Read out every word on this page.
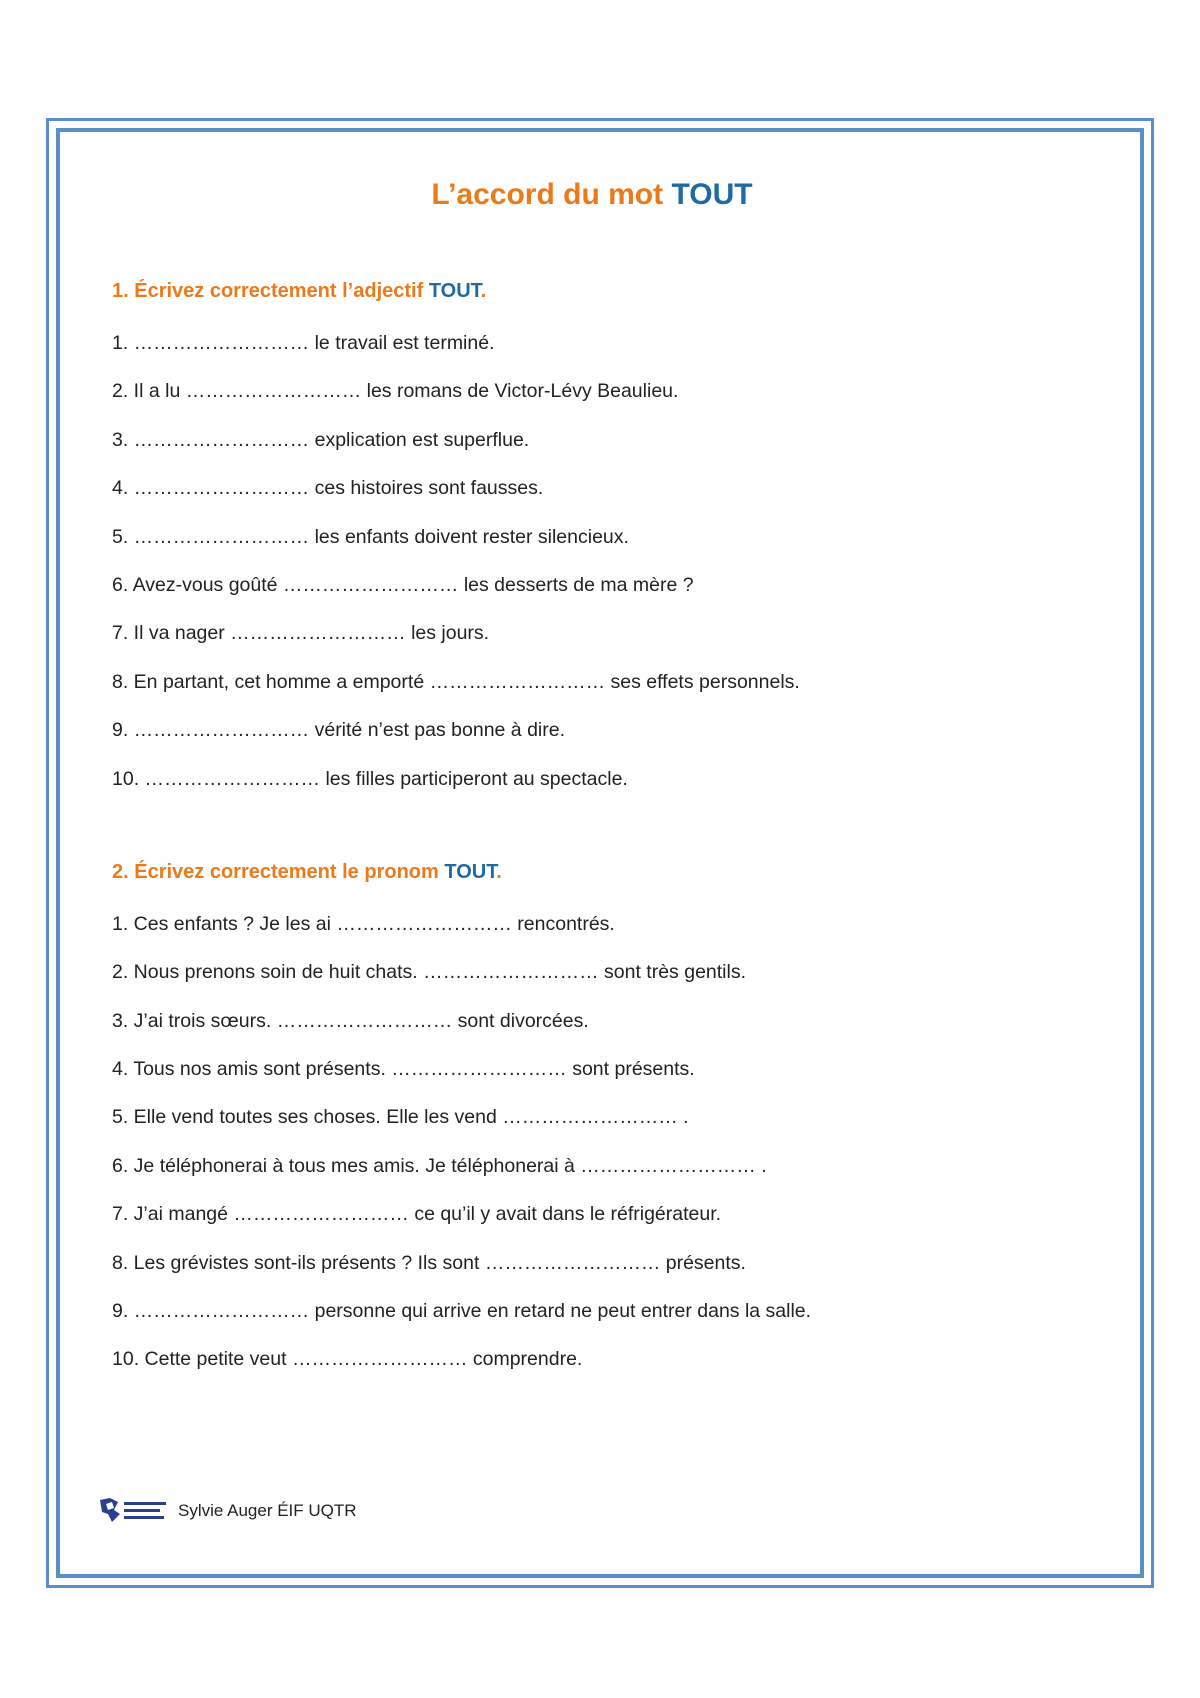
L’accord du mot TOUT
1. Écrivez correctement l’adjectif TOUT.
1. ……………………… le travail est terminé.
2. Il a lu ……………………… les romans de Victor-Lévy Beaulieu.
3. ……………………… explication est superflue.
4. ……………………… ces histoires sont fausses.
5. ……………………… les enfants doivent rester silencieux.
6. Avez-vous goûté ……………………… les desserts de ma mère ?
7. Il va nager ……………………… les jours.
8. En partant, cet homme a emporté ……………………… ses effets personnels.
9. ……………………… vérité n’est pas bonne à dire.
10. ……………………… les filles participeront au spectacle.
2. Écrivez correctement le pronom TOUT.
1. Ces enfants ? Je les ai ……………………… rencontrés.
2. Nous prenons soin de huit chats. ……………………… sont très gentils.
3. J’ai trois sœurs. ……………………… sont divorcées.
4. Tous nos amis sont présents. ……………………… sont présents.
5. Elle vend toutes ses choses. Elle les vend ……………………… .
6. Je téléphonerai à tous mes amis. Je téléphonerai à ……………………… .
7. J’ai mangé ……………………… ce qu’il y avait dans le réfrigérateur.
8. Les grévistes sont-ils présents ? Ils sont ……………………… présents.
9. ……………………… personne qui arrive en retard ne peut entrer dans la salle.
10. Cette petite veut ……………………… comprendre.
Sylvie Auger ÉIF UQTR
